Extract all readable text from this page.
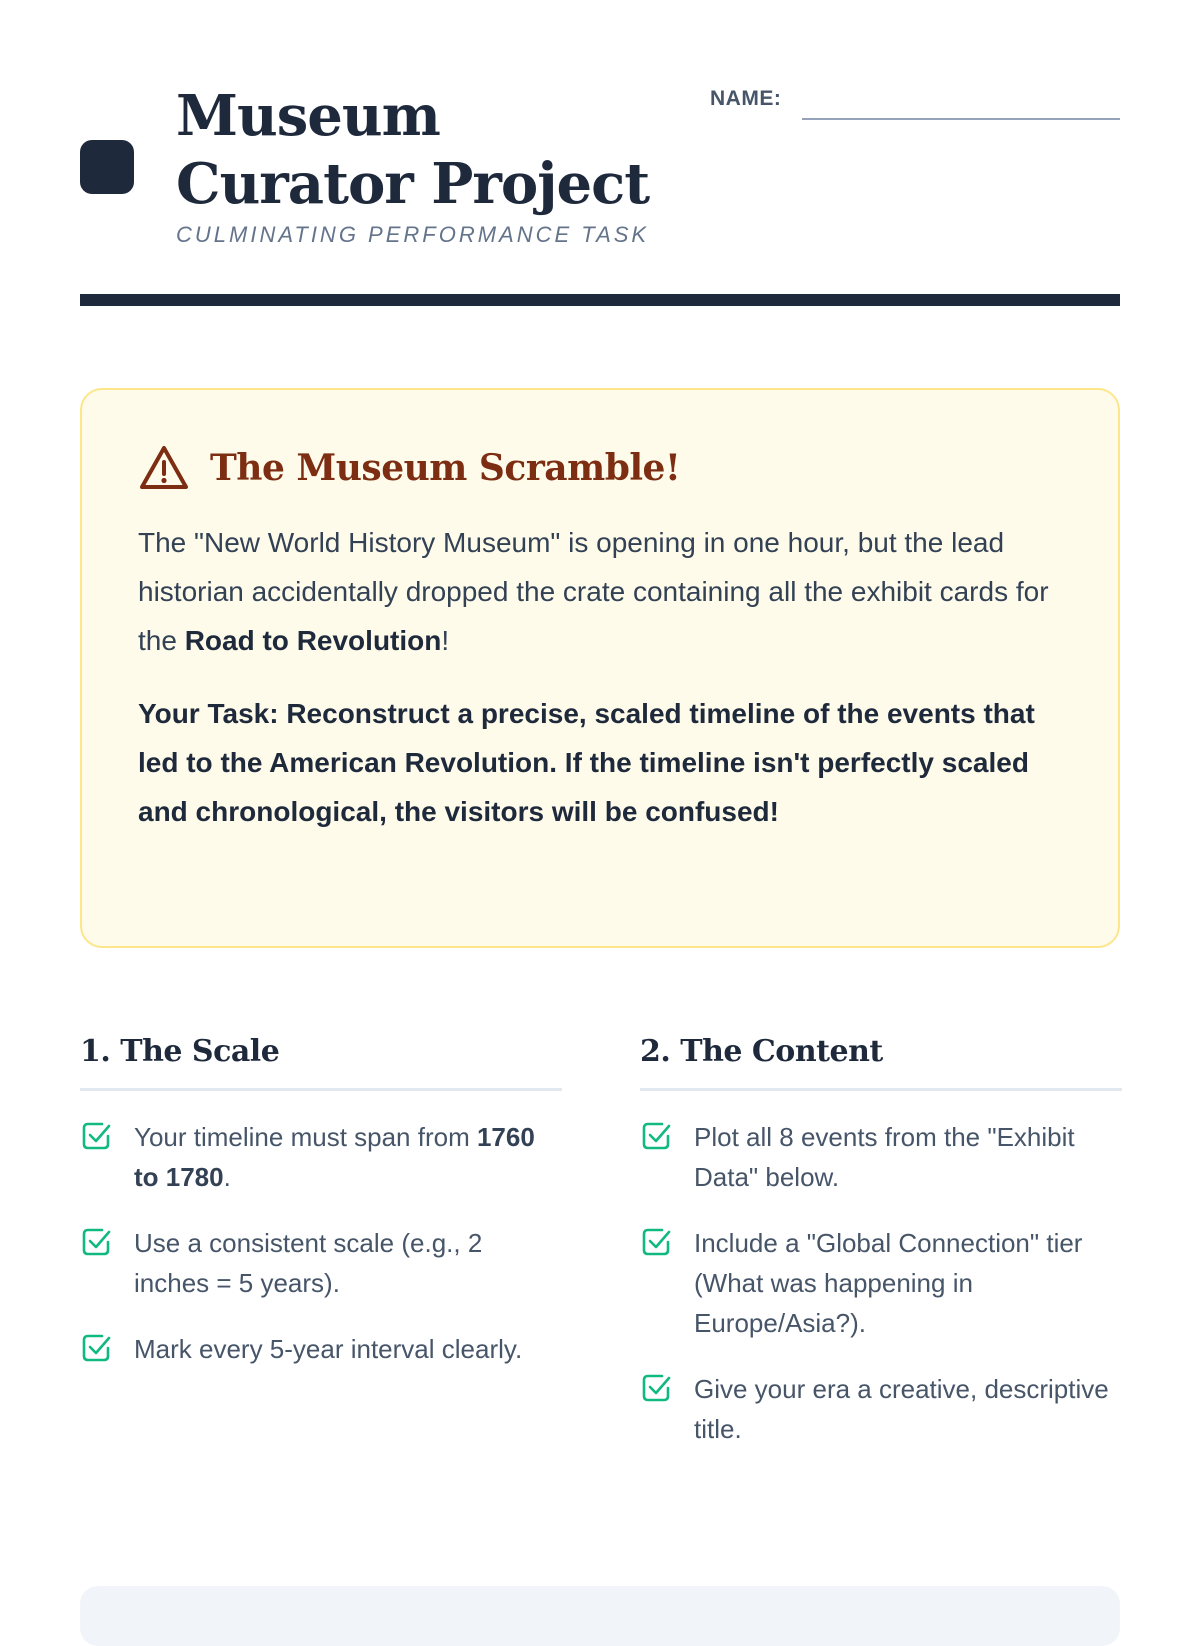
Museum Curator Project
CULMINATING PERFORMANCE TASK
NAME:
The Museum Scramble!

The "New World History Museum" is opening in one hour, but the lead historian accidentally dropped the crate containing all the exhibit cards for the Road to Revolution!

Your Task: Reconstruct a precise, scaled timeline of the events that led to the American Revolution. If the timeline isn't perfectly scaled and chronological, the visitors will be confused!

1. The Scale
Your timeline must span from 1760 to 1780.
Use a consistent scale (e.g., 2 inches = 5 years).
Mark every 5-year interval clearly.
2. The Content
Plot all 8 events from the "Exhibit Data" below.
Include a "Global Connection" tier (What was happening in Europe/Asia?).
Give your era a creative, descriptive title.
